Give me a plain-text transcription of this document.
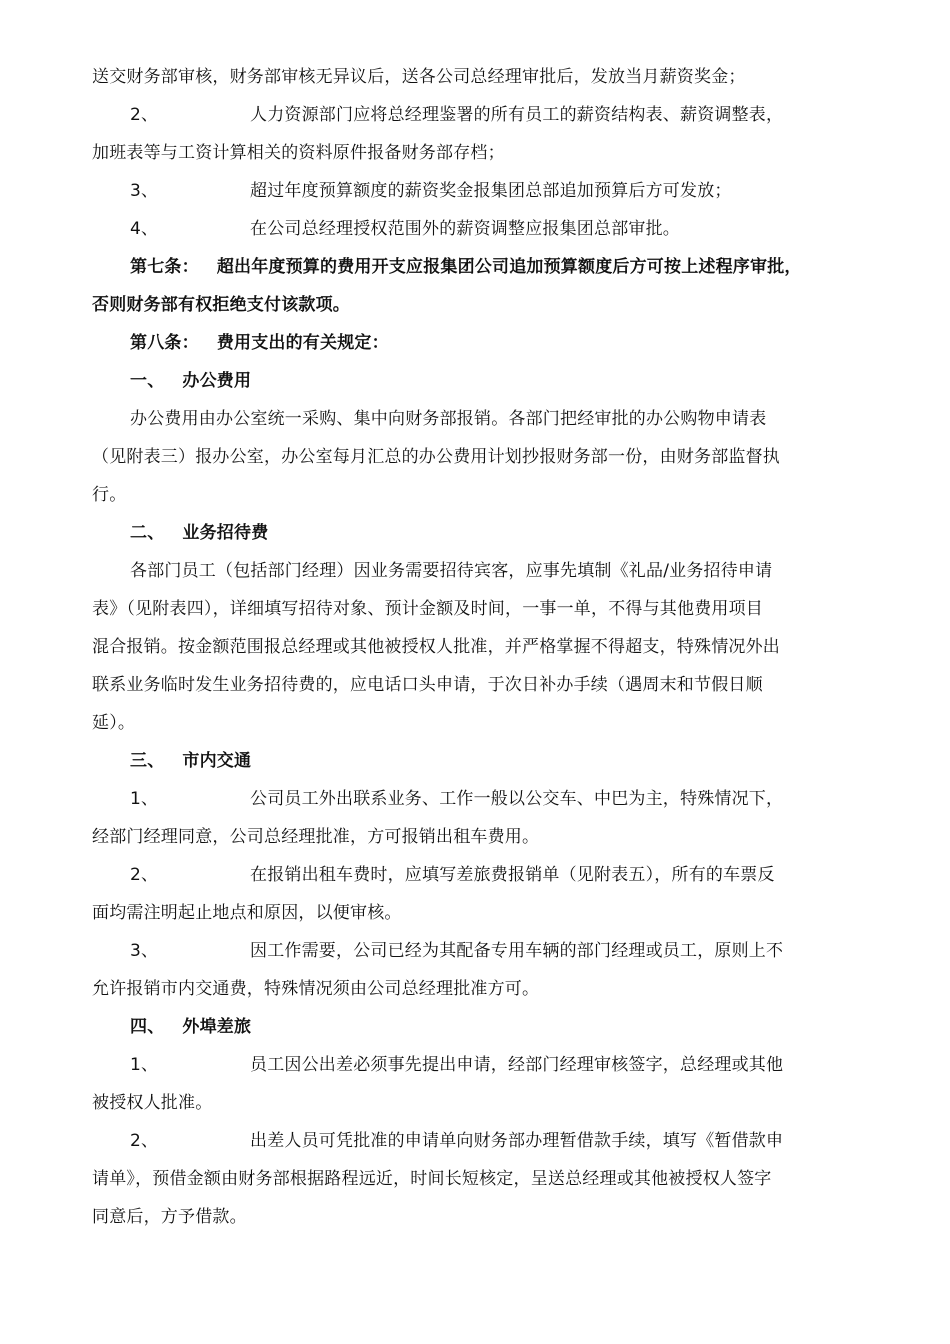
送交财务部审核，财务部审核无异议后，送各公司总经理审批后，发放当月薪资奖金；
2、	人力资源部门应将总经理鉴署的所有员工的薪资结构表、薪资调整表，
加班表等与工资计算相关的资料原件报备财务部存档；
3、	超过年度预算额度的薪资奖金报集团总部追加预算后方可发放；
4、	在公司总经理授权范围外的薪资调整应报集团总部审批。
第七条： 超出年度预算的费用开支应报集团公司追加预算额度后方可按上述程序审批，
否则财务部有权拒绝支付该款项。
第八条： 费用支出的有关规定：
一、 办公费用
办公费用由办公室统一采购、集中向财务部报销。各部门把经审批的办公购物申请表
（见附表三）报办公室，办公室每月汇总的办公费用计划抄报财务部一份，由财务部监督执
行。
二、 业务招待费
各部门员工（包括部门经理）因业务需要招待宾客，应事先填制《礼品/业务招待申请
表》（见附表四），详细填写招待对象、预计金额及时间，一事一单，不得与其他费用项目
混合报销。按金额范围报总经理或其他被授权人批准，并严格掌握不得超支，特殊情况外出
联系业务临时发生业务招待费的，应电话口头申请，于次日补办手续（遇周末和节假日顺
延）。
三、 市内交通
1、	公司员工外出联系业务、工作一般以公交车、中巴为主，特殊情况下，
经部门经理同意，公司总经理批准，方可报销出租车费用。
2、	在报销出租车费时，应填写差旅费报销单（见附表五），所有的车票反
面均需注明起止地点和原因，以便审核。
3、	因工作需要，公司已经为其配备专用车辆的部门经理或员工，原则上不
允许报销市内交通费，特殊情况须由公司总经理批准方可。
四、 外埠差旅
1、	员工因公出差必须事先提出申请，经部门经理审核签字，总经理或其他
被授权人批准。
2、	出差人员可凭批准的申请单向财务部办理暂借款手续，填写《暂借款申
请单》，预借金额由财务部根据路程远近，时间长短核定，呈送总经理或其他被授权人签字
同意后，方予借款。
